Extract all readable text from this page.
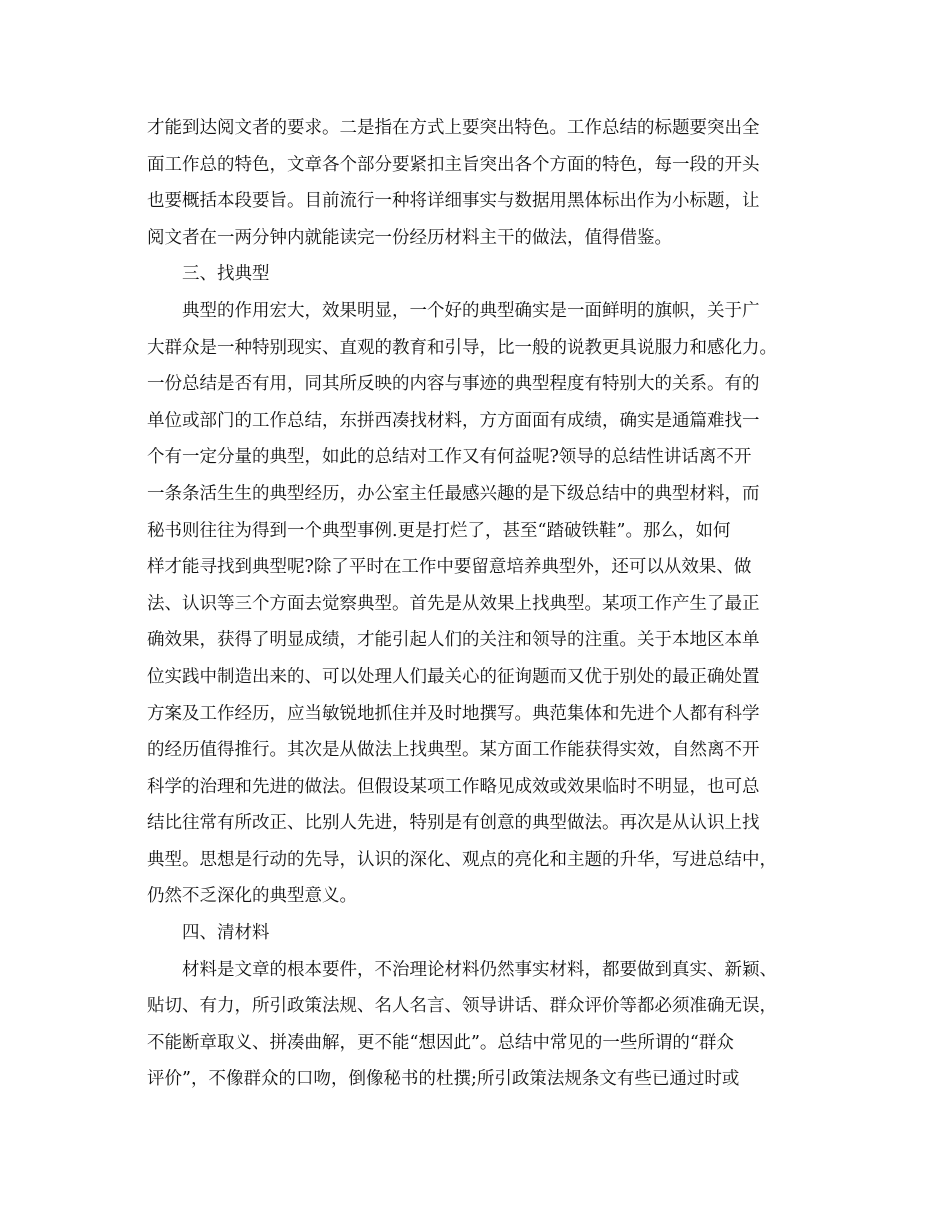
才能到达阅文者的要求。二是指在方式上要突出特色。工作总结的标题要突出全
面工作总的特色，文章各个部分要紧扣主旨突出各个方面的特色，每一段的开头
也要概括本段要旨。目前流行一种将详细事实与数据用黑体标出作为小标题，让
阅文者在一两分钟内就能读完一份经历材料主干的做法，值得借鉴。
三、找典型
典型的作用宏大，效果明显，一个好的典型确实是一面鲜明的旗帜，关于广
大群众是一种特别现实、直观的教育和引导，比一般的说教更具说服力和感化力。
一份总结是否有用，同其所反映的内容与事迹的典型程度有特别大的关系。有的
单位或部门的工作总结，东拼西凑找材料，方方面面有成绩，确实是通篇难找一
个有一定分量的典型，如此的总结对工作又有何益呢?领导的总结性讲话离不开
一条条活生生的典型经历，办公室主任最感兴趣的是下级总结中的典型材料，而
秘书则往往为得到一个典型事例.更是打烂了，甚至“踏破铁鞋”。那么，如何
样才能寻找到典型呢?除了平时在工作中要留意培养典型外，还可以从效果、做
法、认识等三个方面去觉察典型。首先是从效果上找典型。某项工作产生了最正
确效果，获得了明显成绩，才能引起人们的关注和领导的注重。关于本地区本单
位实践中制造出来的、可以处理人们最关心的征询题而又优于别处的最正确处置
方案及工作经历，应当敏锐地抓住并及时地撰写。典范集体和先进个人都有科学
的经历值得推行。其次是从做法上找典型。某方面工作能获得实效，自然离不开
科学的治理和先进的做法。但假设某项工作略见成效或效果临时不明显，也可总
结比往常有所改正、比别人先进，特别是有创意的典型做法。再次是从认识上找
典型。思想是行动的先导，认识的深化、观点的亮化和主题的升华，写进总结中，
仍然不乏深化的典型意义。
四、清材料
材料是文章的根本要件，不治理论材料仍然事实材料，都要做到真实、新颖、
贴切、有力，所引政策法规、名人名言、领导讲话、群众评价等都必须准确无误，
不能断章取义、拼凑曲解，更不能“想因此”。总结中常见的一些所谓的“群众
评价”，不像群众的口吻，倒像秘书的杜撰;所引政策法规条文有些已通过时或
